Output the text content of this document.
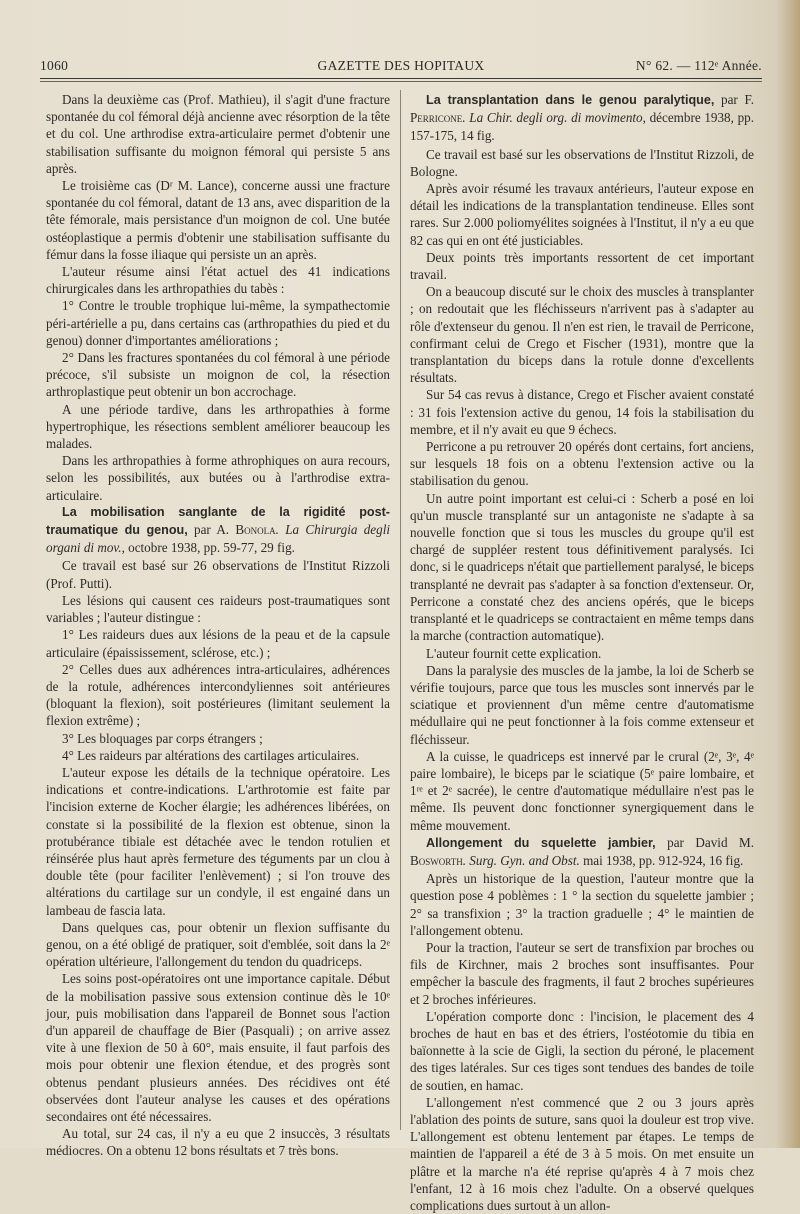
1060	GAZETTE DES HOPITAUX	N° 62. — 112ᵉ Année.

Dans la deuxième cas (Prof. Mathieu), il s'agit d'une fracture spontanée du col fémoral déjà ancienne avec résorption de la tête et du col. Une arthrodise extra-articulaire permet d'obtenir une stabilisation suffisante du moignon fémoral qui persiste 5 ans après.

Le troisième cas (Dʳ M. Lance), concerne aussi une fracture spontanée du col fémoral, datant de 13 ans, avec disparition de la tête fémorale, mais persistance d'un moignon de col. Une butée ostéoplastique a permis d'obtenir une stabilisation suffisante du fémur dans la fosse iliaque qui persiste un an après.

L'auteur résume ainsi l'état actuel des 41 indications chirurgicales dans les arthropathies du tabès :

1° Contre le trouble trophique lui-même, la sympathectomie péri-artérielle a pu, dans certains cas (arthropathies du pied et du genou) donner d'importantes améliorations ;

2° Dans les fractures spontanées du col fémoral à une période précoce, s'il subsiste un moignon de col, la résection arthroplastique peut obtenir un bon accrochage.

A une période tardive, dans les arthropathies à forme hypertrophique, les résections semblent améliorer beaucoup les malades.

Dans les arthropathies à forme athrophiques on aura recours, selon les possibilités, aux butées ou à l'arthrodise extra-articulaire.

La mobilisation sanglante de la rigidité post-traumatique du genou, par A. Bonola. La Chirurgia degli organi di mov., octobre 1938, pp. 59-77, 29 fig.

Ce travail est basé sur 26 observations de l'Institut Rizzoli (Prof. Putti).

Les lésions qui causent ces raideurs post-traumatiques sont variables ; l'auteur distingue :

1° Les raideurs dues aux lésions de la peau et de la capsule articulaire (épaississement, sclérose, etc.) ;

2° Celles dues aux adhérences intra-articulaires, adhérences de la rotule, adhérences intercondyliennes soit antérieures (bloquant la flexion), soit postérieures (limitant seulement la flexion extrême) ;

3° Les bloquages par corps étrangers ;

4° Les raideurs par altérations des cartilages articulaires.

L'auteur expose les détails de la technique opératoire. Les indications et contre-indications. L'arthrotomie est faite par l'incision externe de Kocher élargie; les adhérences libérées, on constate si la possibilité de la flexion est obtenue, sinon la protubérance tibiale est détachée avec le tendon rotulien et réinsérée plus haut après fermeture des téguments par un clou à double tête (pour faciliter l'enlèvement) ; si l'on trouve des altérations du cartilage sur un condyle, il est engainé dans un lambeau de fascia lata.

Dans quelques cas, pour obtenir un flexion suffisante du genou, on a été obligé de pratiquer, soit d'emblée, soit dans la 2ᵉ opération ultérieure, l'allongement du tendon du quadriceps.

Les soins post-opératoires ont une importance capitale. Début de la mobilisation passive sous extension continue dès le 10ᵉ jour, puis mobilisation dans l'appareil de Bonnet sous l'action d'un appareil de chauffage de Bier (Pasquali) ; on arrive assez vite à une flexion de 50 à 60°, mais ensuite, il faut parfois des mois pour obtenir une flexion étendue, et des progrès sont obtenus pendant plusieurs années. Des récidives ont été observées dont l'auteur analyse les causes et des opérations secondaires ont été nécessaires.

Au total, sur 24 cas, il n'y a eu que 2 insuccès, 3 résultats médiocres. On a obtenu 12 bons résultats et 7 très bons.

La transplantation dans le genou paralytique, par F. Perricone. La Chir. degli org. di movimento, décembre 1938, pp. 157-175, 14 fig.

Ce travail est basé sur les observations de l'Institut Rizzoli, de Bologne.

Après avoir résumé les travaux antérieurs, l'auteur expose en détail les indications de la transplantation tendineuse. Elles sont rares. Sur 2.000 poliomyélites soignées à l'Institut, il n'y a eu que 82 cas qui en ont été justiciables.

Deux points très importants ressortent de cet important travail.

On a beaucoup discuté sur le choix des muscles à transplanter ; on redoutait que les fléchisseurs n'arrivent pas à s'adapter au rôle d'extenseur du genou. Il n'en est rien, le travail de Perricone, confirmant celui de Crego et Fischer (1931), montre que la transplantation du biceps dans la rotule donne d'excellents résultats.

Sur 54 cas revus à distance, Crego et Fischer avaient constaté : 31 fois l'extension active du genou, 14 fois la stabilisation du membre, et il n'y avait eu que 9 échecs.

Perricone a pu retrouver 20 opérés dont certains, fort anciens, sur lesquels 18 fois on a obtenu l'extension active ou la stabilisation du genou.

Un autre point important est celui-ci : Scherb a posé en loi qu'un muscle transplanté sur un antagoniste ne s'adapte à sa nouvelle fonction que si tous les muscles du groupe qu'il est chargé de suppléer restent tous définitivement paralysés. Ici donc, si le quadriceps n'était que partiellement paralysé, le biceps transplanté ne devrait pas s'adapter à sa fonction d'extenseur. Or, Perricone a constaté chez des anciens opérés, que le biceps transplanté et le quadriceps se contractaient en même temps dans la marche (contraction automatique).

L'auteur fournit cette explication.

Dans la paralysie des muscles de la jambe, la loi de Scherb se vérifie toujours, parce que tous les muscles sont innervés par le sciatique et proviennent d'un même centre d'automatisme médullaire qui ne peut fonctionner à la fois comme extenseur et fléchisseur.

A la cuisse, le quadriceps est innervé par le crural (2ᵉ, 3ᵉ, 4ᵉ paire lombaire), le biceps par le sciatique (5ᵉ paire lombaire, et 1ʳᵉ et 2ᵉ sacrée), le centre d'automatique médullaire n'est pas le même. Ils peuvent donc fonctionner synergiquement dans le même mouvement.

Allongement du squelette jambier, par David M. Bosworth. Surg. Gyn. and Obst. mai 1938, pp. 912-924, 16 fig.

Après un historique de la question, l'auteur montre que la question pose 4 poblèmes : 1 ° la section du squelette jambier ; 2° sa transfixion ; 3° la traction graduelle ; 4° le maintien de l'allongement obtenu.

Pour la traction, l'auteur se sert de transfixion par broches ou fils de Kirchner, mais 2 broches sont insuffisantes. Pour empêcher la bascule des fragments, il faut 2 broches supérieures et 2 broches inférieures.

L'opération comporte donc : l'incision, le placement des 4 broches de haut en bas et des étriers, l'ostéotomie du tibia en baïonnette à la scie de Gigli, la section du péroné, le placement des tiges latérales. Sur ces tiges sont tendues des bandes de toile de soutien, en hamac.

L'allongement n'est commencé que 2 ou 3 jours après l'ablation des points de suture, sans quoi la douleur est trop vive. L'allongement est obtenu lentement par étapes. Le temps de maintien de l'appareil a été de 3 à 5 mois. On met ensuite un plâtre et la marche n'a été reprise qu'après 4 à 7 mois chez l'enfant, 12 à 16 mois chez l'adulte. On a observé quelques complications dues surtout à un allon-
